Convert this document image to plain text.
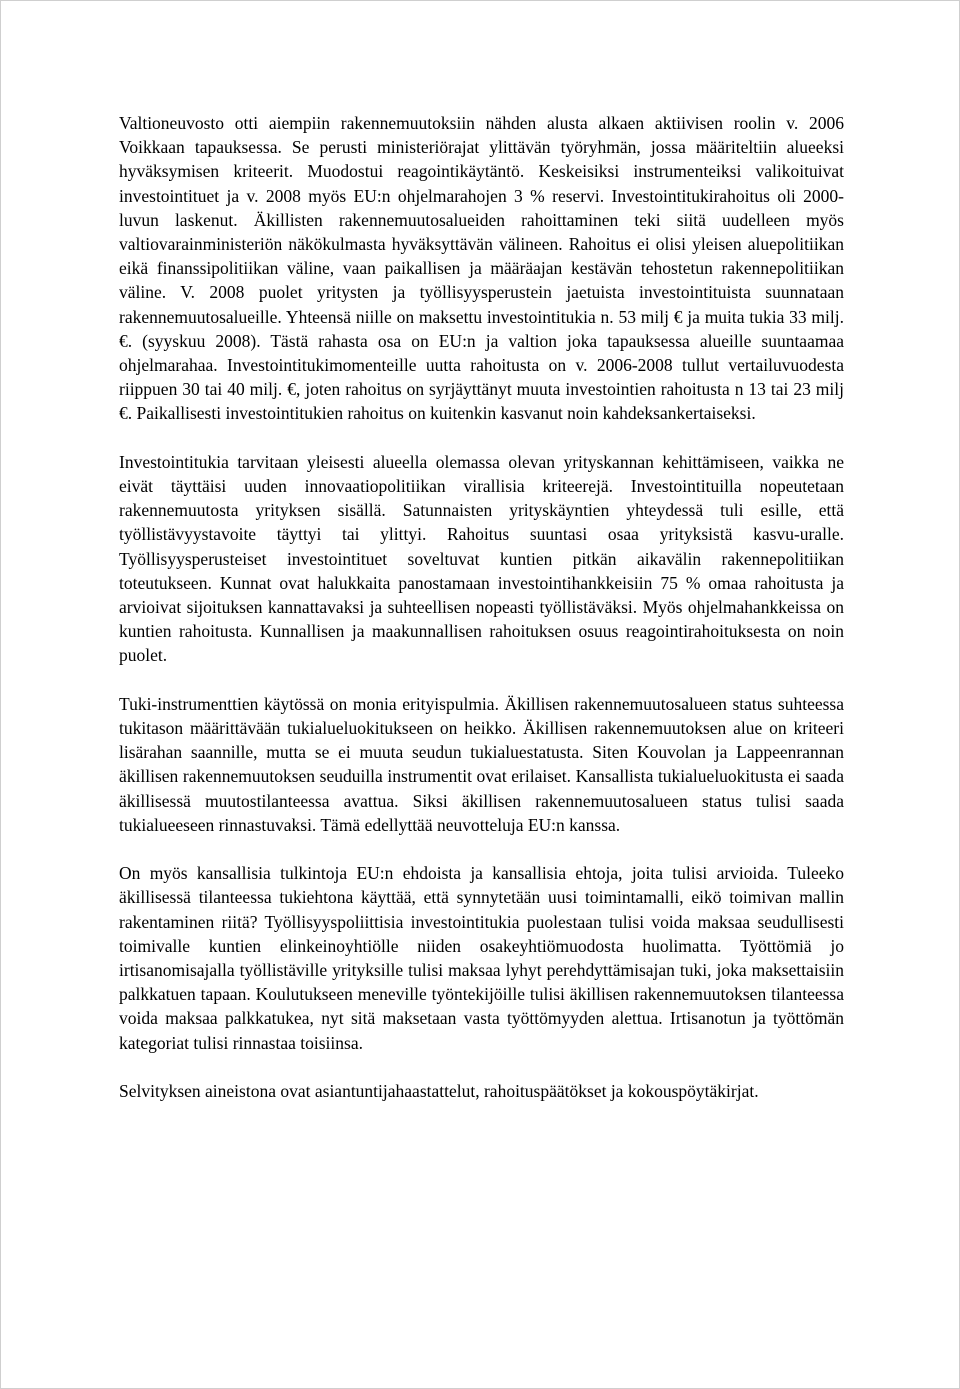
Valtioneuvosto otti aiempiin rakennemuutoksiin nähden alusta alkaen aktiivisen roolin v. 2006 Voikkaan tapauksessa. Se perusti ministeriörajat ylittävän työryhmän, jossa määriteltiin alueeksi hyväksymisen kriteerit. Muodostui reagointikäytäntö. Keskeisiksi instrumenteiksi valikoituivat investointituet ja v. 2008 myös EU:n ohjelmarahojen 3 % reservi. Investointitukirahoitus oli 2000-luvun laskenut. Äkillisten rakennemuutosalueiden rahoittaminen teki siitä uudelleen myös valtiovarainministeriön näkökulmasta hyväksyttävän välineen. Rahoitus ei olisi yleisen aluepolitiikan eikä finanssipolitiikan väline, vaan paikallisen ja määräajan kestävän tehostetun rakennepolitiikan väline. V. 2008 puolet yritysten ja työllisyysperustein jaetuista investointituista suunnataan rakennemuutosalueille. Yhteensä niille on maksettu investointitukia n. 53 milj € ja muita tukia 33 milj. €. (syyskuu 2008). Tästä rahasta osa on EU:n ja valtion joka tapauksessa alueille suuntaamaa ohjelmarahaa. Investointitukimomenteille uutta rahoitusta on v. 2006-2008 tullut vertailuvuodesta riippuen 30 tai 40 milj. €, joten rahoitus on syrjäyttänyt muuta investointien rahoitusta n 13 tai 23 milj €. Paikallisesti investointitukien rahoitus on kuitenkin kasvanut noin kahdeksankertaiseksi.

Investointitukia tarvitaan yleisesti alueella olemassa olevan yrityskannan kehittämiseen, vaikka ne eivät täyttäisi uuden innovaatiopolitiikan virallisia kriteerejä. Investointituilla nopeutetaan rakennemuutosta yrityksen sisällä. Satunnaisten yrityskäyntien yhteydessä tuli esille, että työllistävyystavoite täyttyi tai ylittyi. Rahoitus suuntasi osaa yrityksistä kasvu-uralle. Työllisyysperusteiset investointituet soveltuvat kuntien pitkän aikavälin rakennepolitiikan toteutukseen. Kunnat ovat halukkaita panostamaan investointihankkeisiin 75 % omaa rahoitusta ja arvioivat sijoituksen kannattavaksi ja suhteellisen nopeasti työllistäväksi. Myös ohjelmahankkeissa on kuntien rahoitusta. Kunnallisen ja maakunnallisen rahoituksen osuus reagointirahoituksesta on noin puolet.

Tuki-instrumenttien käytössä on monia erityispulmia. Äkillisen rakennemuutosalueen status suhteessa tukitason määrittävään tukialueluokitukseen on heikko. Äkillisen rakennemuutoksen alue on kriteeri lisärahan saannille, mutta se ei muuta seudun tukialuestatusta. Siten Kouvolan ja Lappeenrannan äkillisen rakennemuutoksen seuduilla instrumentit ovat erilaiset. Kansallista tukialueluokitusta ei saada äkillisessä muutostilanteessa avattua. Siksi äkillisen rakennemuutosalueen status tulisi saada tukialueeseen rinnastuvaksi. Tämä edellyttää neuvotteluja EU:n kanssa.

On myös kansallisia tulkintoja EU:n ehdoista ja kansallisia ehtoja, joita tulisi arvioida. Tuleeko äkillisessä tilanteessa tukiehtona käyttää, että synnytetään uusi toimintamalli, eikö toimivan mallin rakentaminen riitä? Työllisyyspoliittisia investointitukia puolestaan tulisi voida maksaa seudullisesti toimivalle kuntien elinkeinoyhtiölle niiden osakeyhtiömuodosta huolimatta. Työttömiä jo irtisanomisajalla työllistäville yrityksille tulisi maksaa lyhyt perehdyttämisajan tuki, joka maksettaisiin palkkatuen tapaan. Koulutukseen meneville työntekijöille tulisi äkillisen rakennemuutoksen tilanteessa voida maksaa palkkatukea, nyt sitä maksetaan vasta työttömyyden alettua. Irtisanotun ja työttömän kategoriat tulisi rinnastaa toisiinsa.

Selvityksen aineistona ovat asiantuntijahaastattelut, rahoituspäätökset ja kokouspöytäkirjat.
